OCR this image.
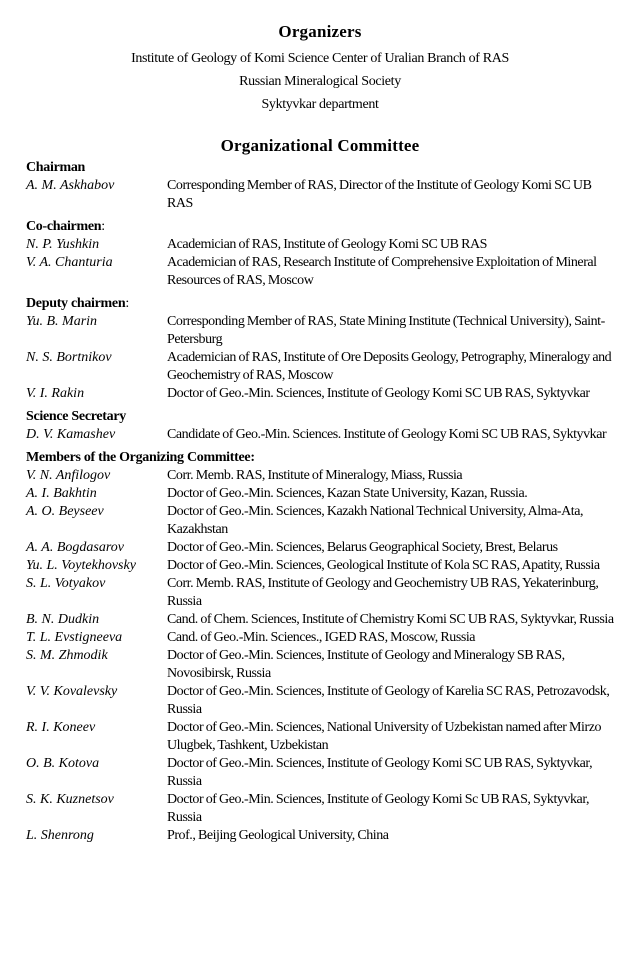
Organizers
Institute of Geology of Komi Science Center of Uralian Branch of RAS
Russian Mineralogical Society
Syktyvkar department
Organizational Committee
Chairman
A. M. Askhabov	Corresponding Member of RAS, Director of the Institute of Geology Komi SC UB RAS
Co-chairmen:
N. P. Yushkin	Academician of RAS, Institute of Geology Komi SC UB RAS
V. A. Chanturia	Academician of RAS, Research Institute of Comprehensive Exploitation of Mineral Resources of RAS, Moscow
Deputy chairmen:
Yu. B. Marin	Corresponding Member of RAS, State Mining Institute (Technical University), Saint-Petersburg
N. S. Bortnikov	Academician of RAS, Institute of Ore Deposits Geology, Petrography, Mineralogy and Geochemistry of RAS, Moscow
V. I. Rakin	Doctor of Geo.-Min. Sciences, Institute of Geology Komi SC UB RAS, Syktyvkar
Science Secretary
D. V. Kamashev	Candidate of Geo.-Min. Sciences. Institute of Geology Komi SC UB RAS, Syktyvkar
Members of the Organizing Committee:
V. N. Anfilogov	Corr. Memb. RAS, Institute of Mineralogy, Miass, Russia
A. I. Bakhtin	Doctor of Geo.-Min. Sciences, Kazan State University, Kazan, Russia.
A. O. Beyseev	Doctor of Geo.-Min. Sciences, Kazakh National Technical University, Alma-Ata, Kazakhstan
A. A. Bogdasarov	Doctor of Geo.-Min. Sciences, Belarus Geographical Society, Brest, Belarus
Yu. L. Voytekhovsky	Doctor of Geo.-Min. Sciences, Geological Institute of Kola SC RAS, Apatity, Russia
S. L. Votyakov	Corr. Memb. RAS, Institute of Geology and Geochemistry UB RAS, Yekaterinburg, Russia
B. N. Dudkin	Cand. of Chem. Sciences, Institute of Chemistry Komi SC UB RAS, Syktyvkar, Russia
T. L. Evstigneeva	Cand. of Geo.-Min. Sciences., IGED RAS, Moscow, Russia
S. M. Zhmodik	Doctor of Geo.-Min. Sciences, Institute of Geology and Mineralogy SB RAS, Novosibirsk, Russia
V. V. Kovalevsky	Doctor of Geo.-Min. Sciences, Institute of Geology of Karelia SC RAS, Petrozavodsk, Russia
R. I. Koneev	Doctor of Geo.-Min. Sciences, National University of Uzbekistan named after Mirzo Ulugbek, Tashkent, Uzbekistan
O. B. Kotova	Doctor of Geo.-Min. Sciences, Institute of Geology Komi SC UB RAS, Syktyvkar, Russia
S. K. Kuznetsov	Doctor of Geo.-Min. Sciences, Institute of Geology Komi Sc UB RAS, Syktyvkar, Russia
L. Shenrong	Prof., Beijing Geological University, China
